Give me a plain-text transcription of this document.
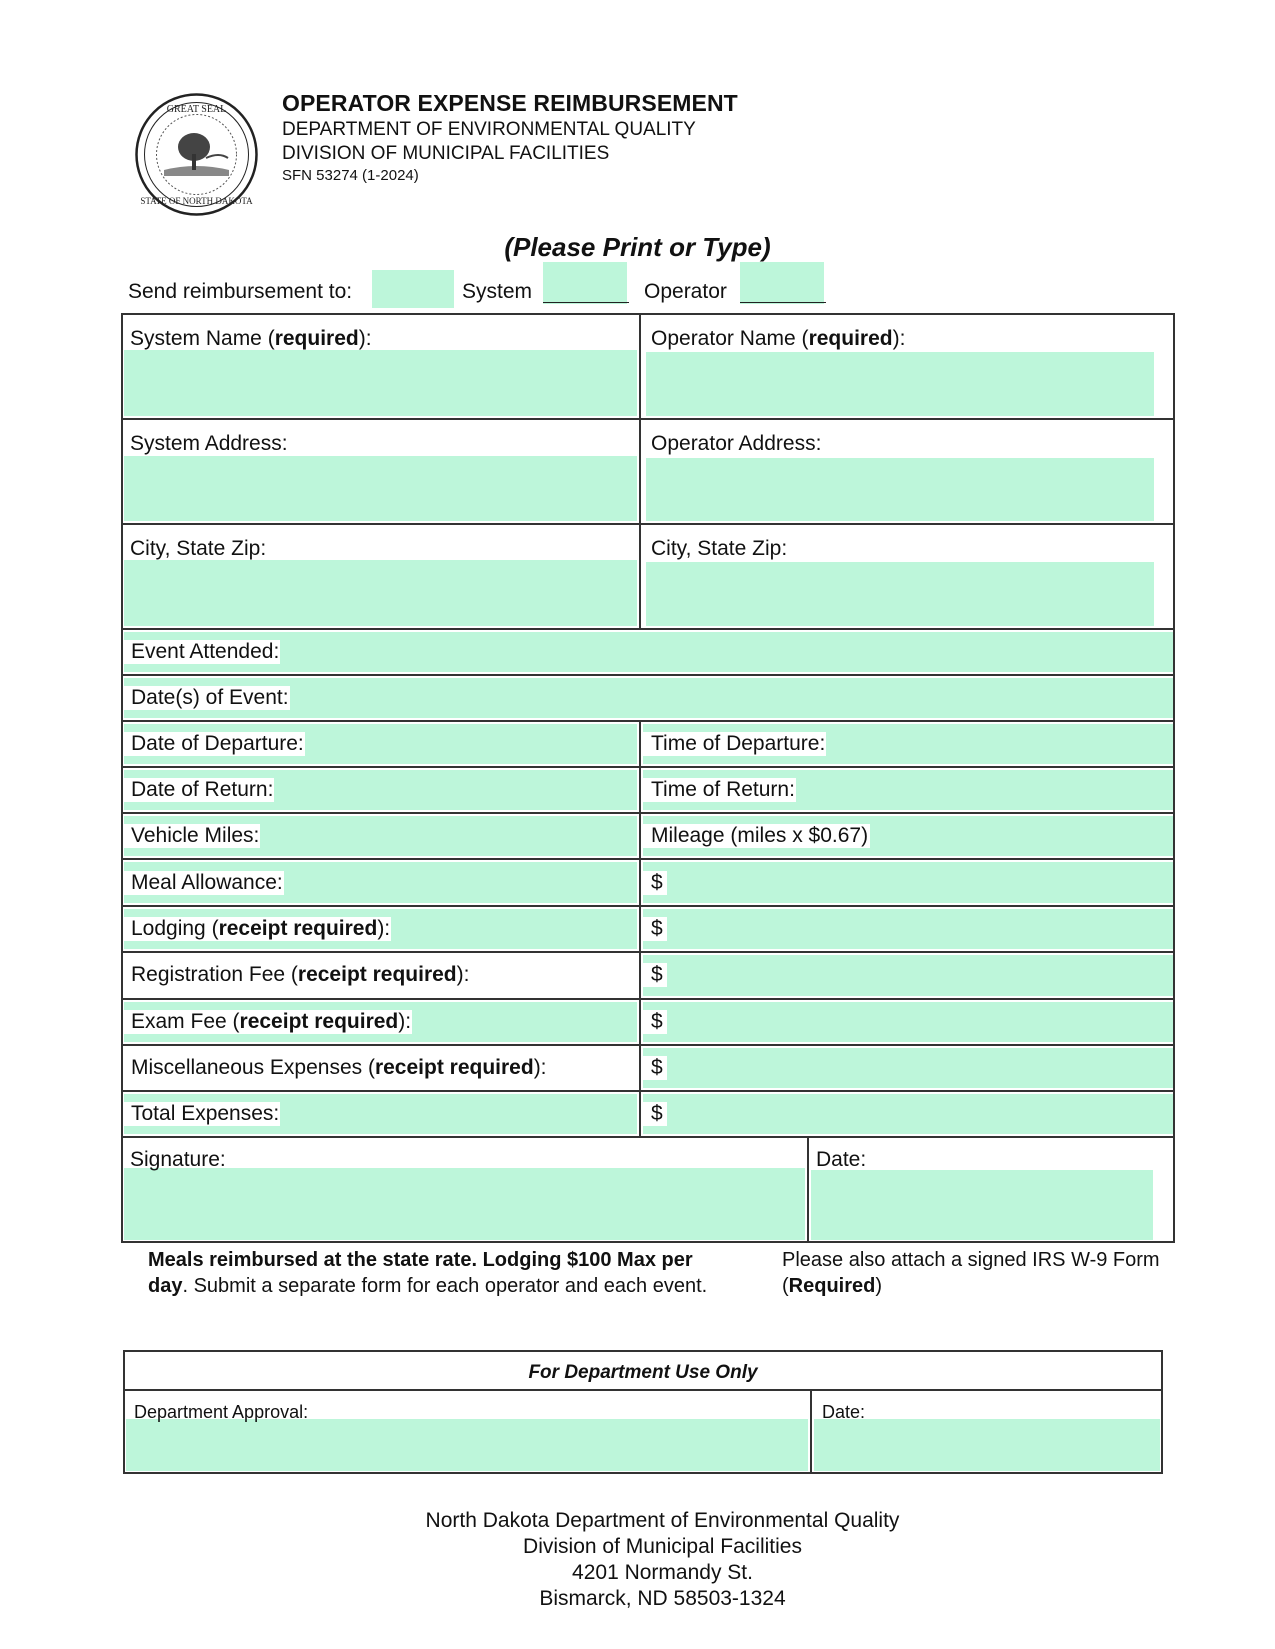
GREAT SEAL
STATE OF NORTH DAKOTA
OPERATOR EXPENSE REIMBURSEMENT
DEPARTMENT OF ENVIRONMENTAL QUALITY
DIVISION OF MUNICIPAL FACILITIES
SFN 53274 (1-2024)
(Please Print or Type)
Send reimbursement to:	System	Operator
System Name (required):	Operator Name (required):
System Address:	Operator Address:
City, State Zip:	City, State Zip:
Event Attended:
Date(s) of Event:
Date of Departure:	Time of Departure:
Date of Return:	Time of Return:
Vehicle Miles:	Mileage (miles x $0.67)
Meal Allowance:	$
Lodging (receipt required):	$
Registration Fee (receipt required):	$
Exam Fee (receipt required):	$
Miscellaneous Expenses (receipt required):	$
Total Expenses:	$
Signature:	Date:
Meals reimbursed at the state rate. Lodging $100 Max per day. Submit a separate form for each operator and each event.
Please also attach a signed IRS W-9 Form (Required)
For Department Use Only
Department Approval:	Date:
North Dakota Department of Environmental Quality
Division of Municipal Facilities
4201 Normandy St.
Bismarck, ND 58503-1324
